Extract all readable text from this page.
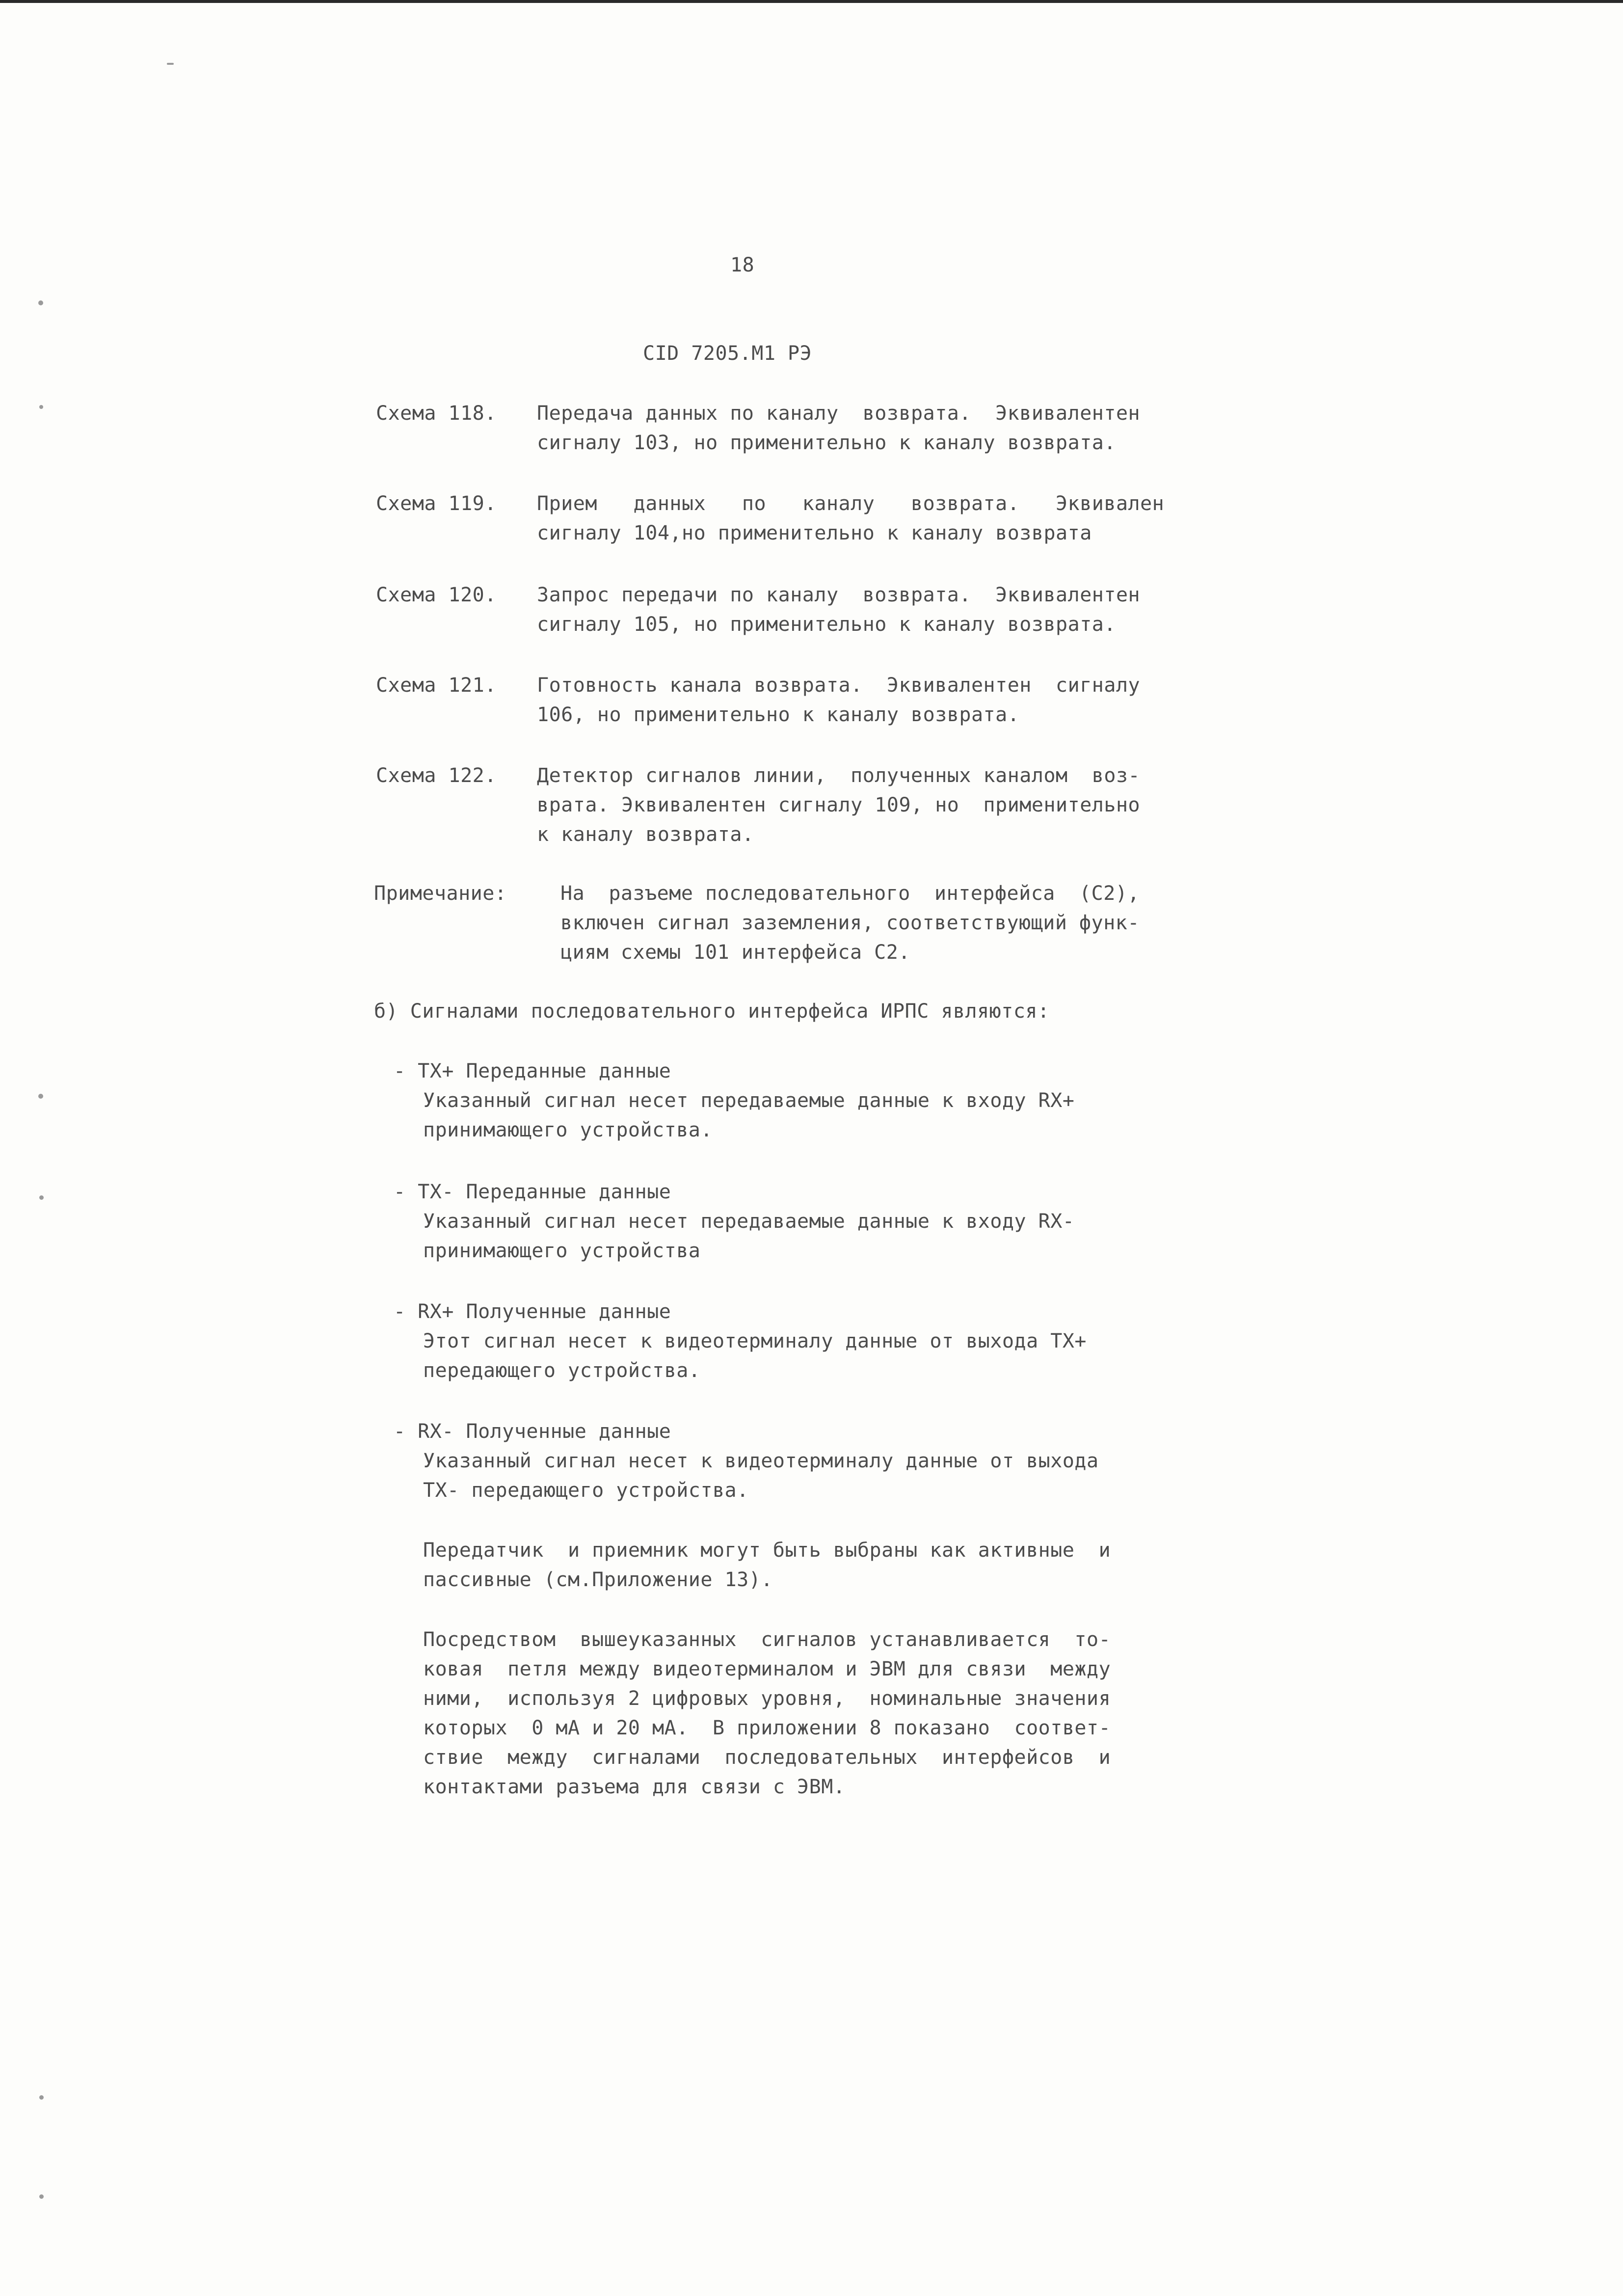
18
CID 7205.M1 РЭ
Схема 118. Передача данных по каналу  возврата.  Эквивалентен
сигналу 103, но применительно к каналу возврата.
Схема 119. Прием   данных   по   каналу   возврата.   Эквивален
сигналу 104,но применительно к каналу возврата
Схема 120. Запрос передачи по каналу  возврата.  Эквивалентен
сигналу 105, но применительно к каналу возврата.
Схема 121. Готовность канала возврата.  Эквивалентен  сигналу
106, но применительно к каналу возврата.
Схема 122. Детектор сигналов линии,  полученных каналом  воз-
врата. Эквивалентен сигналу 109, но  применительно
к каналу возврата.
Примечание:	На  разъеме последовательного  интерфейса  (С2),
включен сигнал заземления, соответствующий функ-
циям схемы 101 интерфейса С2.
б) Сигналами последовательного интерфейса ИРПС являются:
- ТХ+ Переданные данные
Указанный сигнал несет передаваемые данные к входу RX+
принимающего устройства.
- ТХ- Переданные данные
Указанный сигнал несет передаваемые данные к входу RX-
принимающего устройства
- RX+ Полученные данные
Этот сигнал несет к видеотерминалу данные от выхода TX+
передающего устройства.
- RX- Полученные данные
Указанный сигнал несет к видеотерминалу данные от выхода
TX- передающего устройства.
Передатчик  и приемник могут быть выбраны как активные  и
пассивные (см.Приложение 13).
Посредством  вышеуказанных  сигналов устанавливается  то-
ковая  петля между видеотерминалом и ЭВМ для связи  между
ними,  используя 2 цифровых уровня,  номинальные значения
которых  0 мА и 20 мА.  В приложении 8 показано  соответ-
ствие  между  сигналами  последовательных  интерфейсов  и
контактами разъема для связи с ЭВМ.
